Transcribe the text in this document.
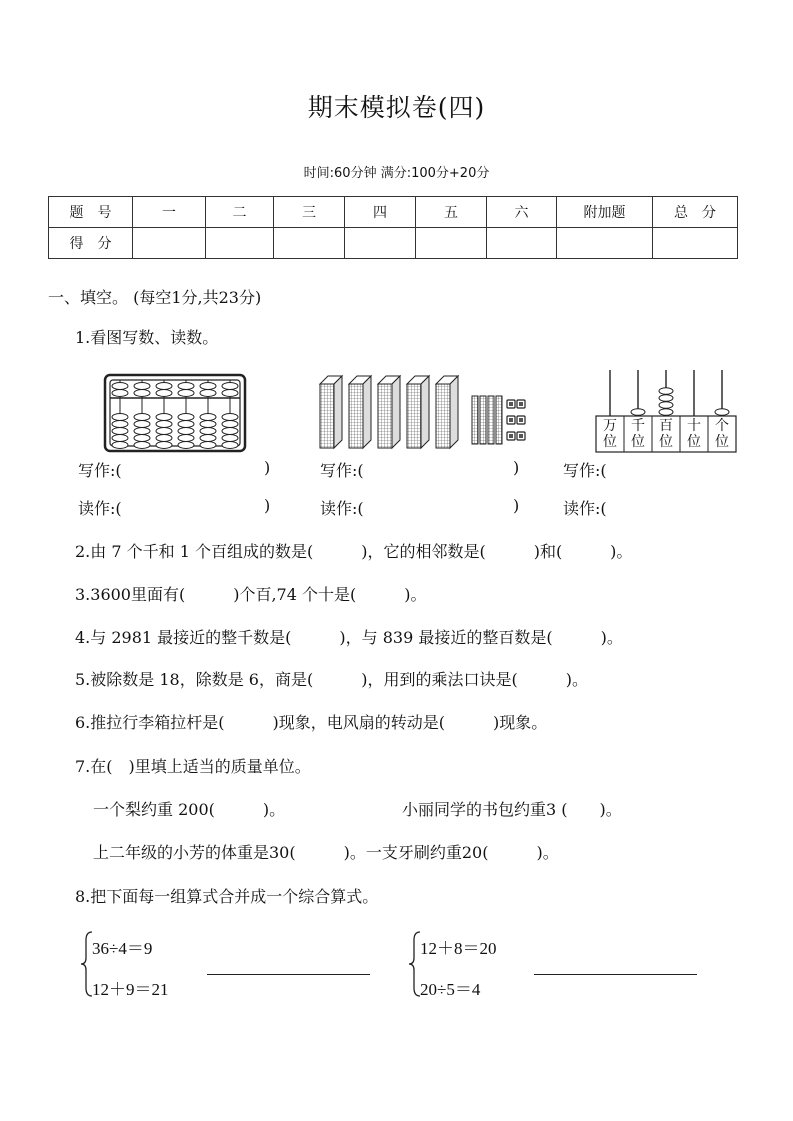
期末模拟卷(四)
时间:60分钟 满分:100分+20分
题　号	一	二	三	四	五	六	附加题	总　分
得　分								
一、填空。 (每空1分,共23分)
1.看图写数、读数。
万
位
千
位
百
位
十
位
个
位
写作:(	)
读作:(	)
写作:(	)
读作:(	)
写作:(
读作:(
2.由 7 个千和 1 个百组成的数是(　　　)，它的相邻数是(　　　)和(　　　)。
3.3600里面有(　　　)个百,74 个十是(　　　)。
4.与 2981 最接近的整千数是(　　　)，与 839 最接近的整百数是(　　　)。
5.被除数是 18，除数是 6，商是(　　　)，用到的乘法口诀是(　　　)。
6.推拉行李箱拉杆是(　　　)现象，电风扇的转动是(　　　)现象。
7.在(　)里填上适当的质量单位。
一个梨约重 200(　　　)。	小丽同学的书包约重3 (　　)。
上二年级的小芳的体重是30(　　　)。一支牙刷约重20(　　　)。
8.把下面每一组算式合并成一个综合算式。
36÷4＝9
12＋9＝21
12＋8＝20
20÷5＝4
